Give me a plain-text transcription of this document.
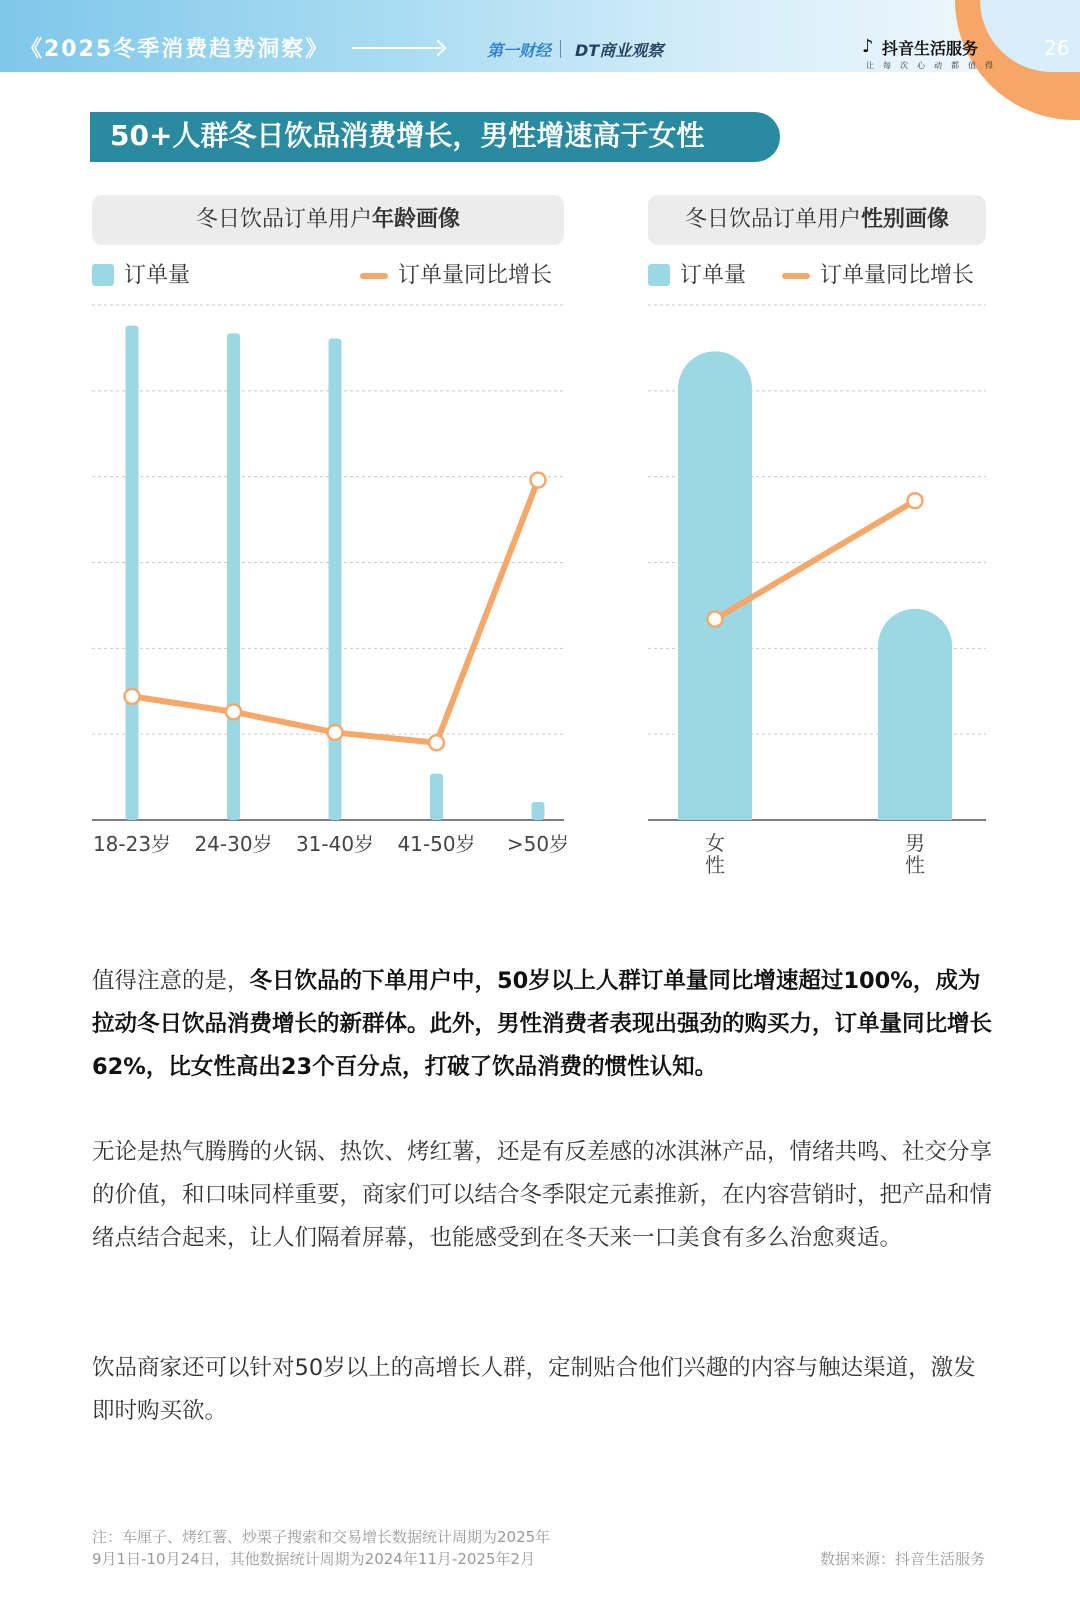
《2025冬季消费趋势洞察》	第一财经 DT商业观察	♪ 抖音生活服务
让每次心动都值得
26
50+人群冬日饮品消费增长，男性增速高于女性
冬日饮品订单用户年龄画像
订单量	订单量同比增长
18-23岁 24-30岁 31-40岁 41-50岁 >50岁	女
性
男
性
冬日饮品订单用户性别画像
订单量	订单量同比增长
值得注意的是，冬日饮品的下单用户中，50岁以上人群订单量同比增速超过100%，成为拉动冬日饮品消费增长的新群体。此外，男性消费者表现出强劲的购买力，订单量同比增长62%，比女性高出23个百分点，打破了饮品消费的惯性认知。
无论是热气腾腾的火锅、热饮、烤红薯，还是有反差感的冰淇淋产品，情绪共鸣、社交分享的价值，和口味同样重要，商家们可以结合冬季限定元素推新，在内容营销时，把产品和情绪点结合起来，让人们隔着屏幕，也能感受到在冬天来一口美食有多么治愈爽适。
饮品商家还可以针对50岁以上的高增长人群，定制贴合他们兴趣的内容与触达渠道，激发即时购买欲。
注：车厘子、烤红薯、炒栗子搜索和交易增长数据统计周期为2025年
9月1日-10月24日，其他数据统计周期为2024年11月-2025年2月	数据来源：抖音生活服务
